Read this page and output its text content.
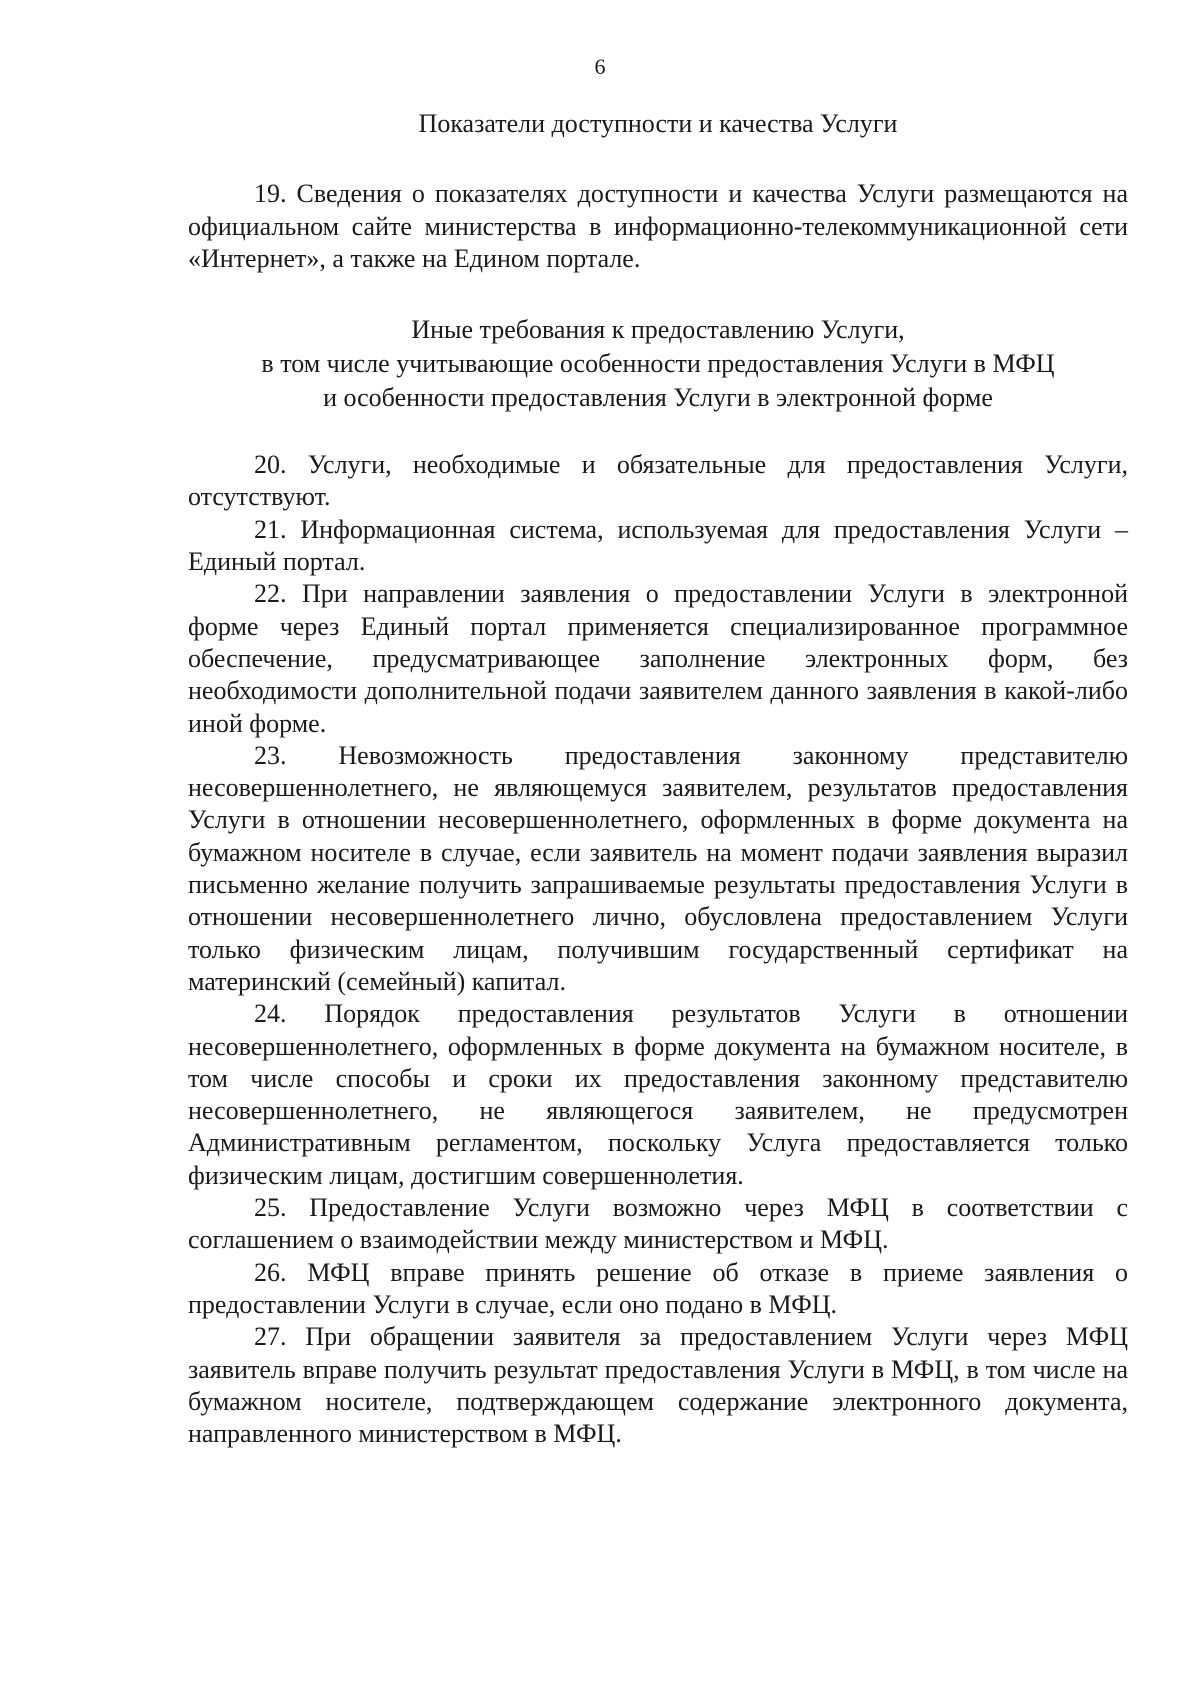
6
Показатели доступности и качества Услуги

19. Сведения о показателях доступности и качества Услуги размещаются на официальном сайте министерства в информационно-телекоммуникационной сети «Интернет», а также на Едином портале.

Иные требования к предоставлению Услуги,
в том числе учитывающие особенности предоставления Услуги в МФЦ
и особенности предоставления Услуги в электронной форме

20. Услуги, необходимые и обязательные для предоставления Услуги, отсутствуют.

21. Информационная система, используемая для предоставления Услуги – Единый портал.

22. При направлении заявления о предоставлении Услуги в электронной форме через Единый портал применяется специализированное программное обеспечение, предусматривающее заполнение электронных форм, без необходимости дополнительной подачи заявителем данного заявления в какой-либо иной форме.

23. Невозможность предоставления законному представителю несовершеннолетнего, не являющемуся заявителем, результатов предоставления Услуги в отношении несовершеннолетнего, оформленных в форме документа на бумажном носителе в случае, если заявитель на момент подачи заявления выразил письменно желание получить запрашиваемые результаты предоставления Услуги в отношении несовершеннолетнего лично, обусловлена предоставлением Услуги только физическим лицам, получившим государственный сертификат на материнский (семейный) капитал.

24. Порядок предоставления результатов Услуги в отношении несовершеннолетнего, оформленных в форме документа на бумажном носителе, в том числе способы и сроки их предоставления законному представителю несовершеннолетнего, не являющегося заявителем, не предусмотрен Административным регламентом, поскольку Услуга предоставляется только физическим лицам, достигшим совершеннолетия.

25. Предоставление Услуги возможно через МФЦ в соответствии с соглашением о взаимодействии между министерством и МФЦ.

26. МФЦ вправе принять решение об отказе в приеме заявления о предоставлении Услуги в случае, если оно подано в МФЦ.

27. При обращении заявителя за предоставлением Услуги через МФЦ заявитель вправе получить результат предоставления Услуги в МФЦ, в том числе на бумажном носителе, подтверждающем содержание электронного документа, направленного министерством в МФЦ.
